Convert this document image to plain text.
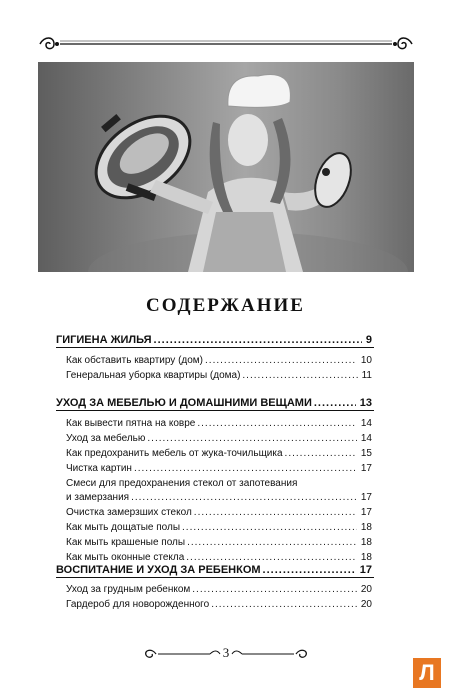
СОДЕРЖАНИЕ
ГИГИЕНА ЖИЛЬЯ .....	9
Как обставить квартиру (дом) .....	10
Генеральная уборка квартиры (дома) .....	11
УХОД ЗА МЕБЕЛЬЮ И ДОМАШНИМИ ВЕЩАМИ .....	13
Как вывести пятна на ковре .....	14
Уход за мебелью .....	14
Как предохранить мебель от жука-точильщика .....	15
Чистка картин .....	17
Смеси для предохранения стекол от запотевания
и замерзания .....	17
Очистка замерзших стекол .....	17
Как мыть дощатые полы .....	18
Как мыть крашеные полы .....	18
Как мыть оконные стекла .....	18
ВОСПИТАНИЕ И УХОД ЗА РЕБЕНКОМ .....	17
Уход за грудным ребенком .....	20
Гардероб для новорожденного .....	20
3
Л
